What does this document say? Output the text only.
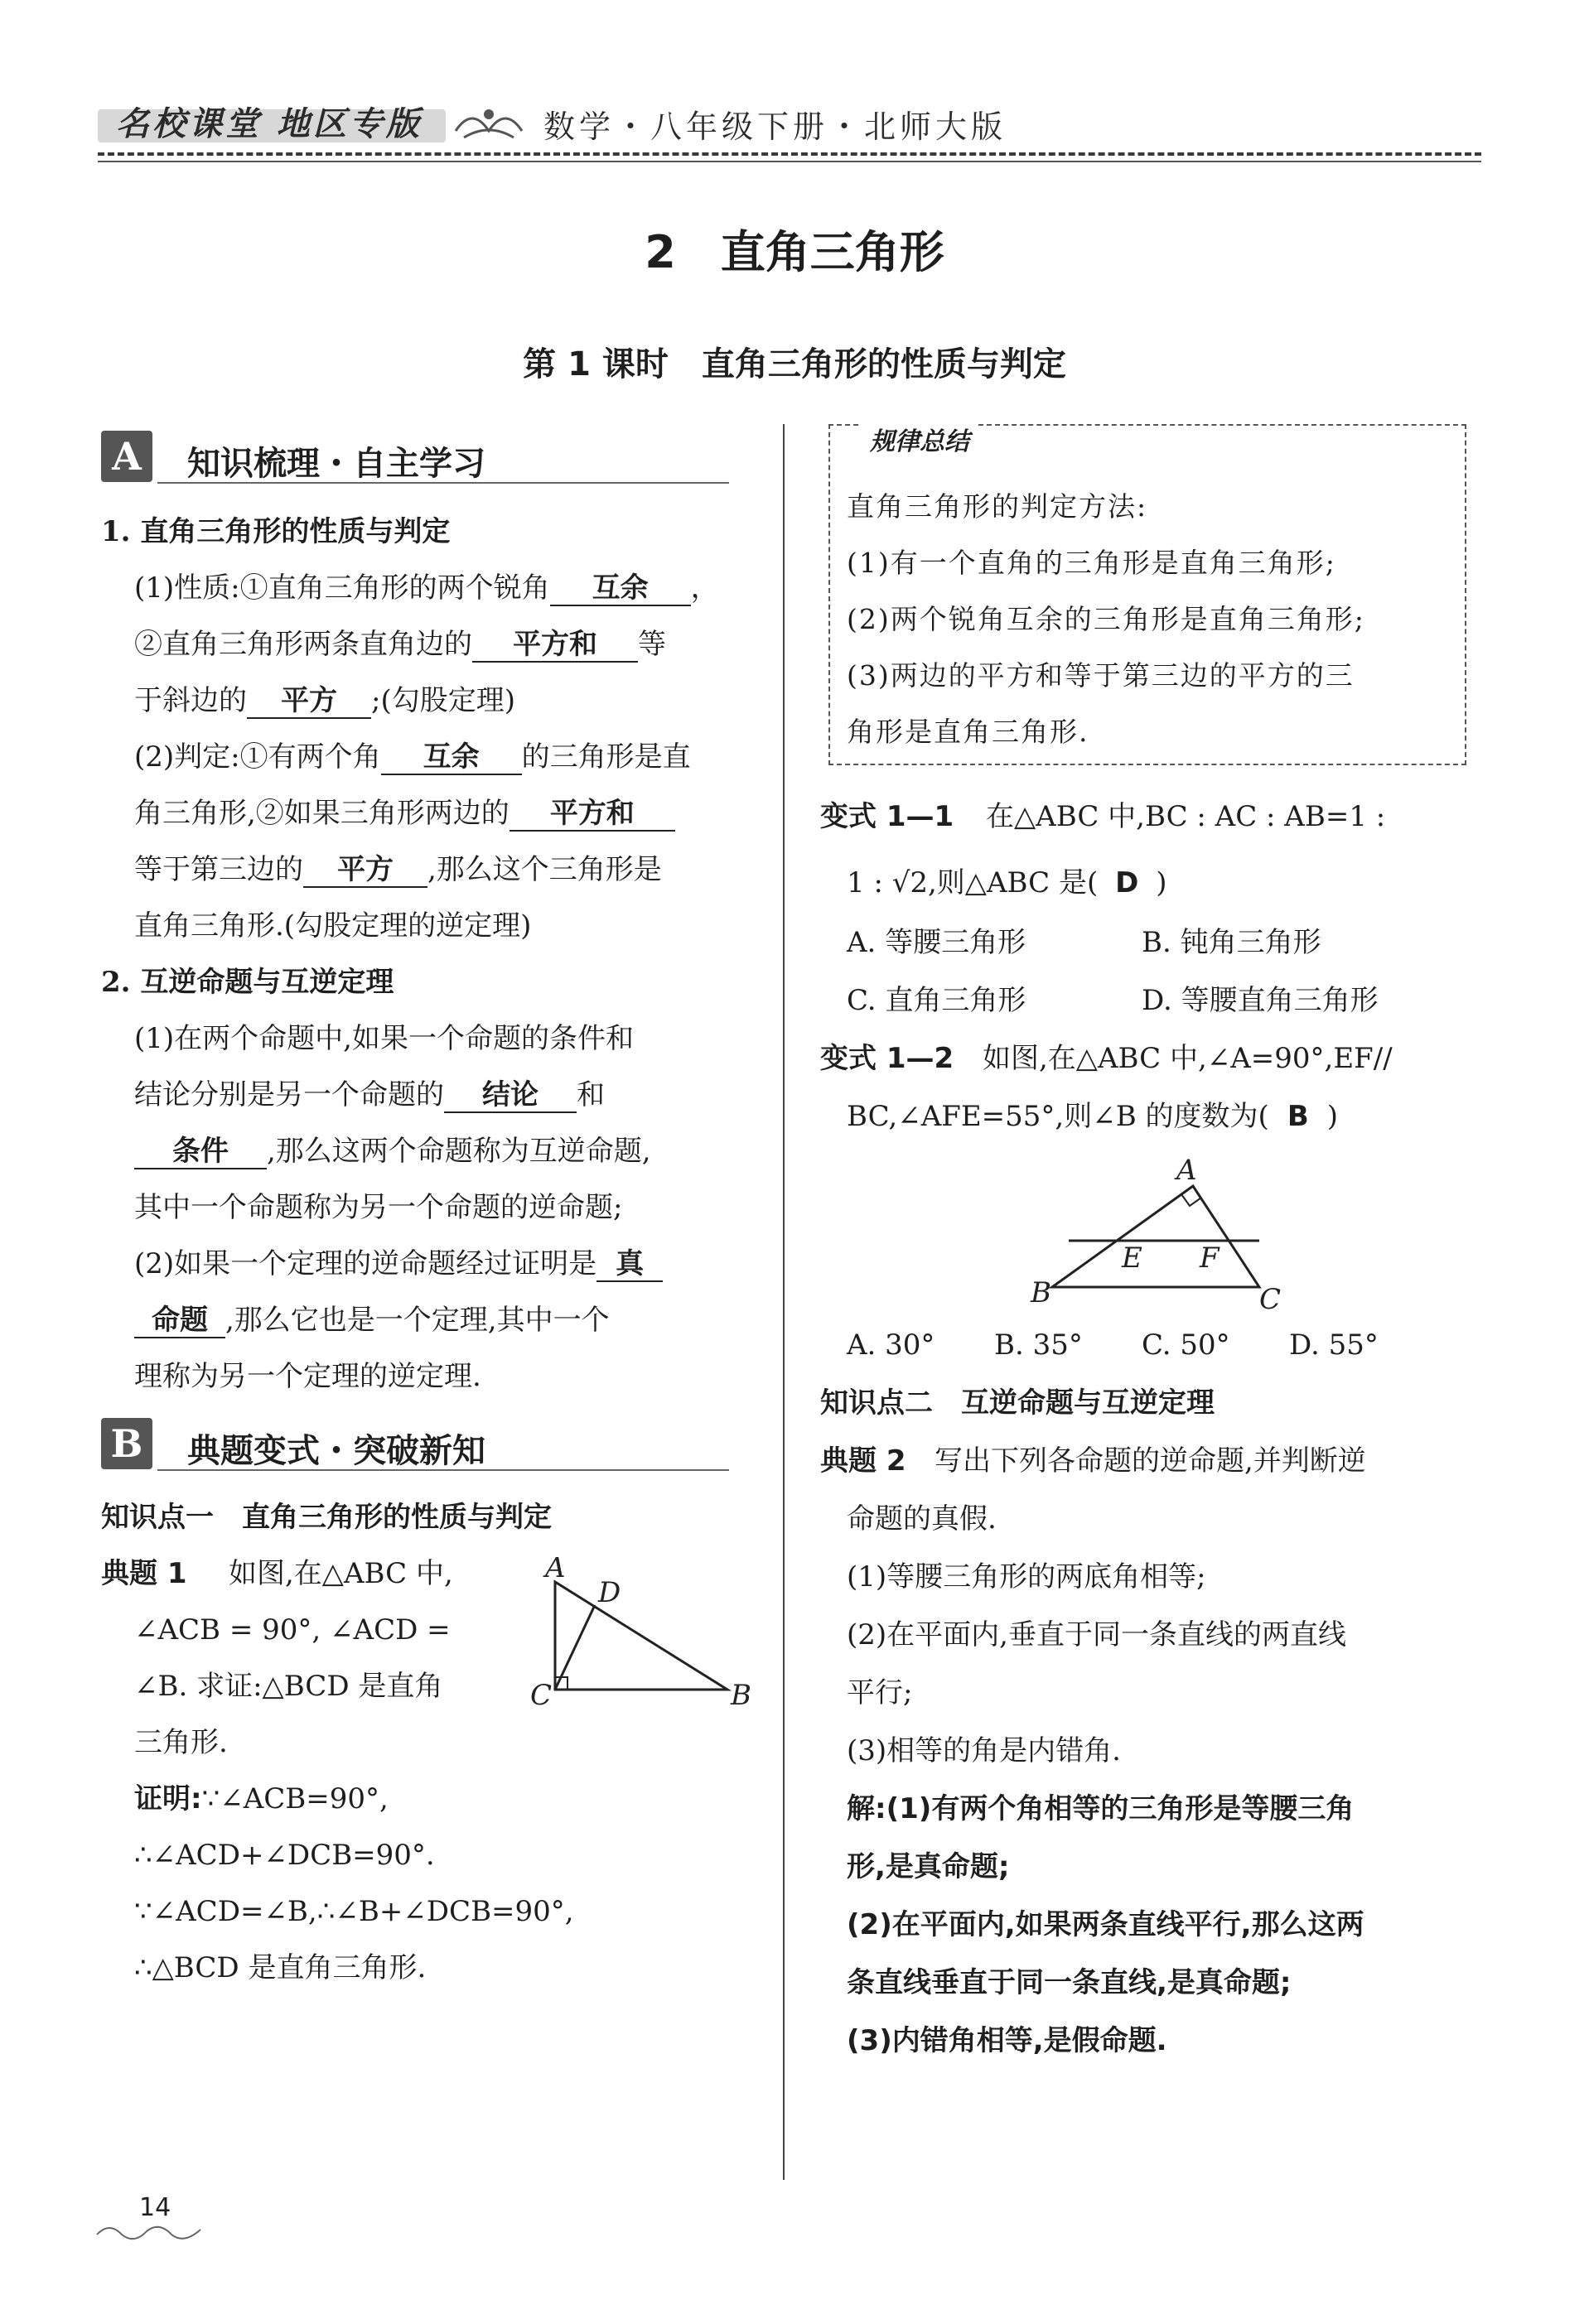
名校课堂 地区专版	数学・八年级下册・北师大版
2　直角三角形
第 1 课时　直角三角形的性质与判定
A	知识梳理・自主学习
1. 直角三角形的性质与判定
(1)性质:①直角三角形的两个锐角 互余 ，
②直角三角形两条直角边的 平方和 等
于斜边的 平方 ;(勾股定理)
(2)判定:①有两个角 互余 的三角形是直
角三角形,②如果三角形两边的 平方和
等于第三边的 平方 ,那么这个三角形是
直角三角形.(勾股定理的逆定理)
2. 互逆命题与互逆定理
(1)在两个命题中,如果一个命题的条件和
结论分别是另一个命题的 结论 和
条件 ,那么这两个命题称为互逆命题,
其中一个命题称为另一个命题的逆命题;
(2)如果一个定理的逆命题经过证明是 真
命题 ,那么它也是一个定理,其中一个
理称为另一个定理的逆定理.
B 典题变式・突破新知
知识点一　直角三角形的性质与判定
典题 1 如图,在△ABC 中,
∠ACB = 90°, ∠ACD =
∠B. 求证:△BCD 是直角
三角形.
A
D
C	B
证明:∵∠ACB=90°,
∴∠ACD+∠DCB=90°.
∵∠ACD=∠B,∴∠B+∠DCB=90°,
∴△BCD 是直角三角形.
规律总结
直角三角形的判定方法:
(1)有一个直角的三角形是直角三角形;
(2)两个锐角互余的三角形是直角三角形;
(3)两边的平方和等于第三边的平方的三
角形是直角三角形.
变式 1—1 在△ABC 中,BC : AC : AB=1 :
1 : √2,则△ABC 是( D )
A. 等腰三角形	B. 钝角三角形
C. 直角三角形	D. 等腰直角三角形
变式 1—2 如图,在△ABC 中,∠A=90°,EF//
BC,∠AFE=55°,则∠B 的度数为( B )
A
E F
B	C
A. 30° B. 35° C. 50° D. 55°
知识点二　互逆命题与互逆定理
典题 2 写出下列各命题的逆命题,并判断逆
命题的真假.
(1)等腰三角形的两底角相等;
(2)在平面内,垂直于同一条直线的两直线
平行;
(3)相等的角是内错角.
解:(1)有两个角相等的三角形是等腰三角
形,是真命题;
(2)在平面内,如果两条直线平行,那么这两
条直线垂直于同一条直线,是真命题;
(3)内错角相等,是假命题.
14
